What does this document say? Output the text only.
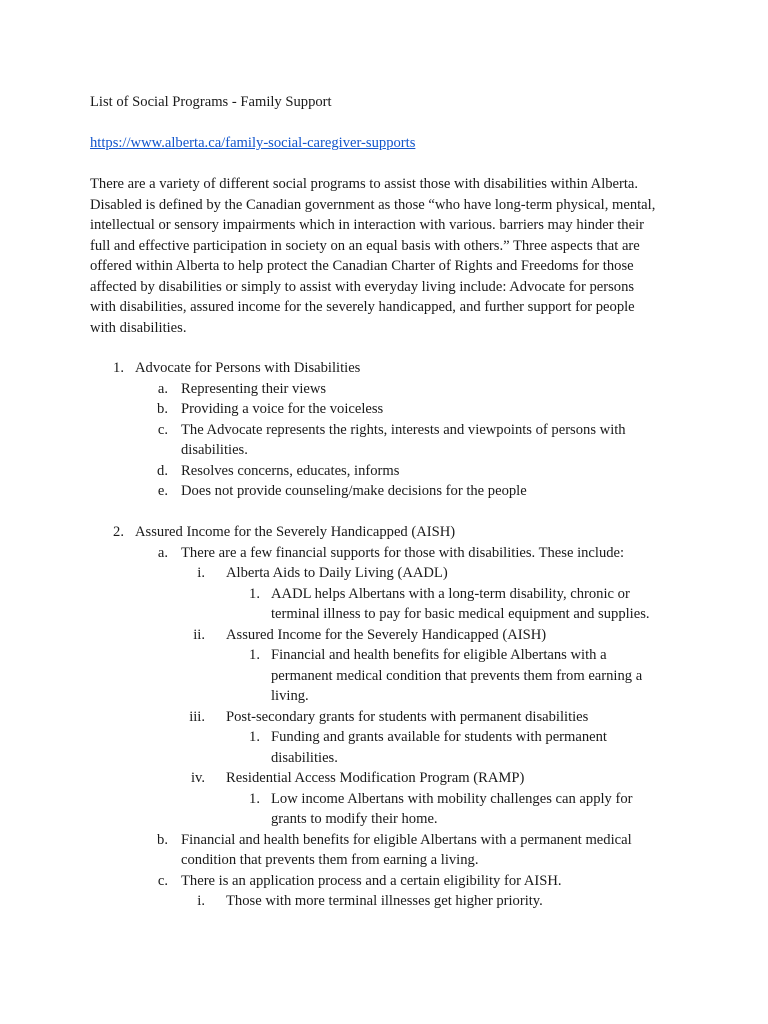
List of Social Programs - Family Support
https://www.alberta.ca/family-social-caregiver-supports
There are a variety of different social programs to assist those with disabilities within Alberta.
Disabled is defined by the Canadian government as those “who have long-term physical, mental,
intellectual or sensory impairments which in interaction with various. barriers may hinder their
full and effective participation in society on an equal basis with others.” Three aspects that are
offered within Alberta to help protect the Canadian Charter of Rights and Freedoms for those
affected by disabilities or simply to assist with everyday living include: Advocate for persons
with disabilities, assured income for the severely handicapped, and further support for people
with disabilities.
1. Advocate for Persons with Disabilities
a. Representing their views
b. Providing a voice for the voiceless
c. The Advocate represents the rights, interests and viewpoints of persons with
disabilities.
d. Resolves concerns, educates, informs
e. Does not provide counseling/make decisions for the people
2. Assured Income for the Severely Handicapped (AISH)
a. There are a few financial supports for those with disabilities. These include:
i. Alberta Aids to Daily Living (AADL)
1. AADL helps Albertans with a long-term disability, chronic or
terminal illness to pay for basic medical equipment and supplies.
ii. Assured Income for the Severely Handicapped (AISH)
1. Financial and health benefits for eligible Albertans with a
permanent medical condition that prevents them from earning a
living.
iii. Post-secondary grants for students with permanent disabilities
1. Funding and grants available for students with permanent
disabilities.
iv. Residential Access Modification Program (RAMP)
1. Low income Albertans with mobility challenges can apply for
grants to modify their home.
b. Financial and health benefits for eligible Albertans with a permanent medical
condition that prevents them from earning a living.
c. There is an application process and a certain eligibility for AISH.
i. Those with more terminal illnesses get higher priority.
